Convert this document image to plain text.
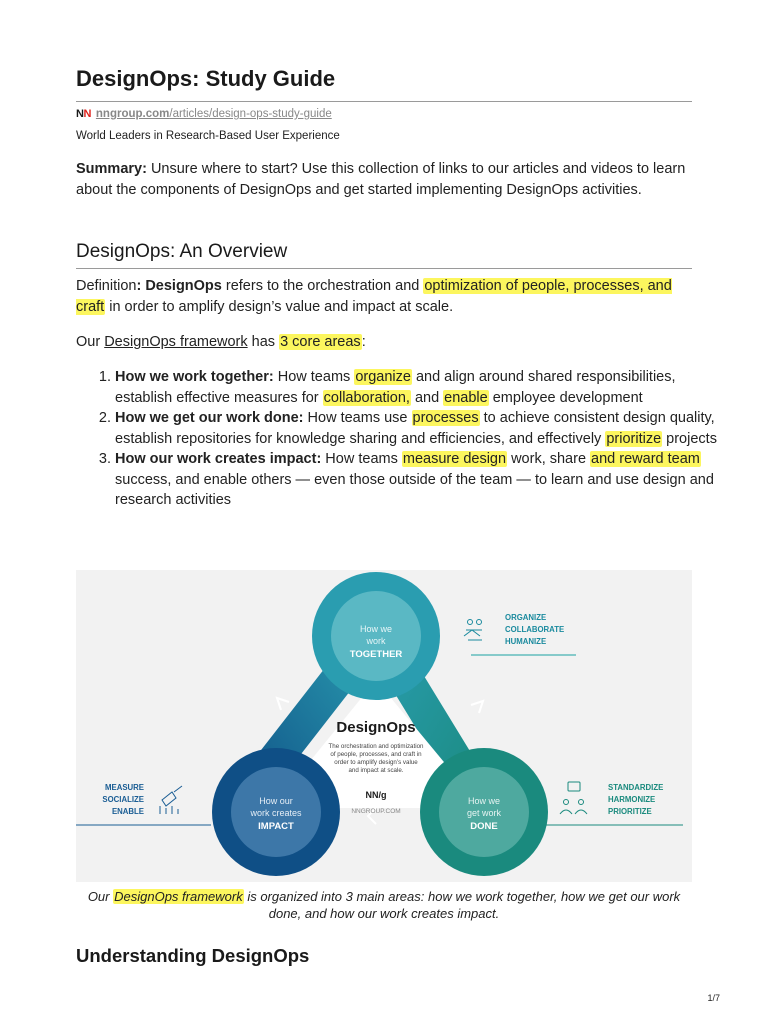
DesignOps: Study Guide
NN nngroup.com/articles/design-ops-study-guide
World Leaders in Research-Based User Experience
Summary: Unsure where to start? Use this collection of links to our articles and videos to learn about the components of DesignOps and get started implementing DesignOps activities.
DesignOps: An Overview
Definition: DesignOps refers to the orchestration and optimization of people, processes, and craft in order to amplify design’s value and impact at scale.
Our DesignOps framework has 3 core areas:
1. How we work together: How teams organize and align around shared responsibilities, establish effective measures for collaboration, and enable employee development
2. How we get our work done: How teams use processes to achieve consistent design quality, establish repositories for knowledge sharing and efficiencies, and effectively prioritize projects
3. How our work creates impact: How teams measure design work, share and reward team success, and enable others — even those outside of the team — to learn and use design and research activities
How we
work
TOGETHER
How our
work creates
IMPACT
How we
get work
DONE
DesignOps
The orchestration and optimization
of people, processes, and craft in
order to amplify design’s value
and impact at scale.
NN/g
NNGROUP.COM
ORGANIZE
COLLABORATE
HUMANIZE
MEASURE
SOCIALIZE
ENABLE
STANDARDIZE
HARMONIZE
PRIORITIZE
Our DesignOps framework is organized into 3 main areas: how we work together, how we get our work done, and how our work creates impact.
Understanding DesignOps
1/7
